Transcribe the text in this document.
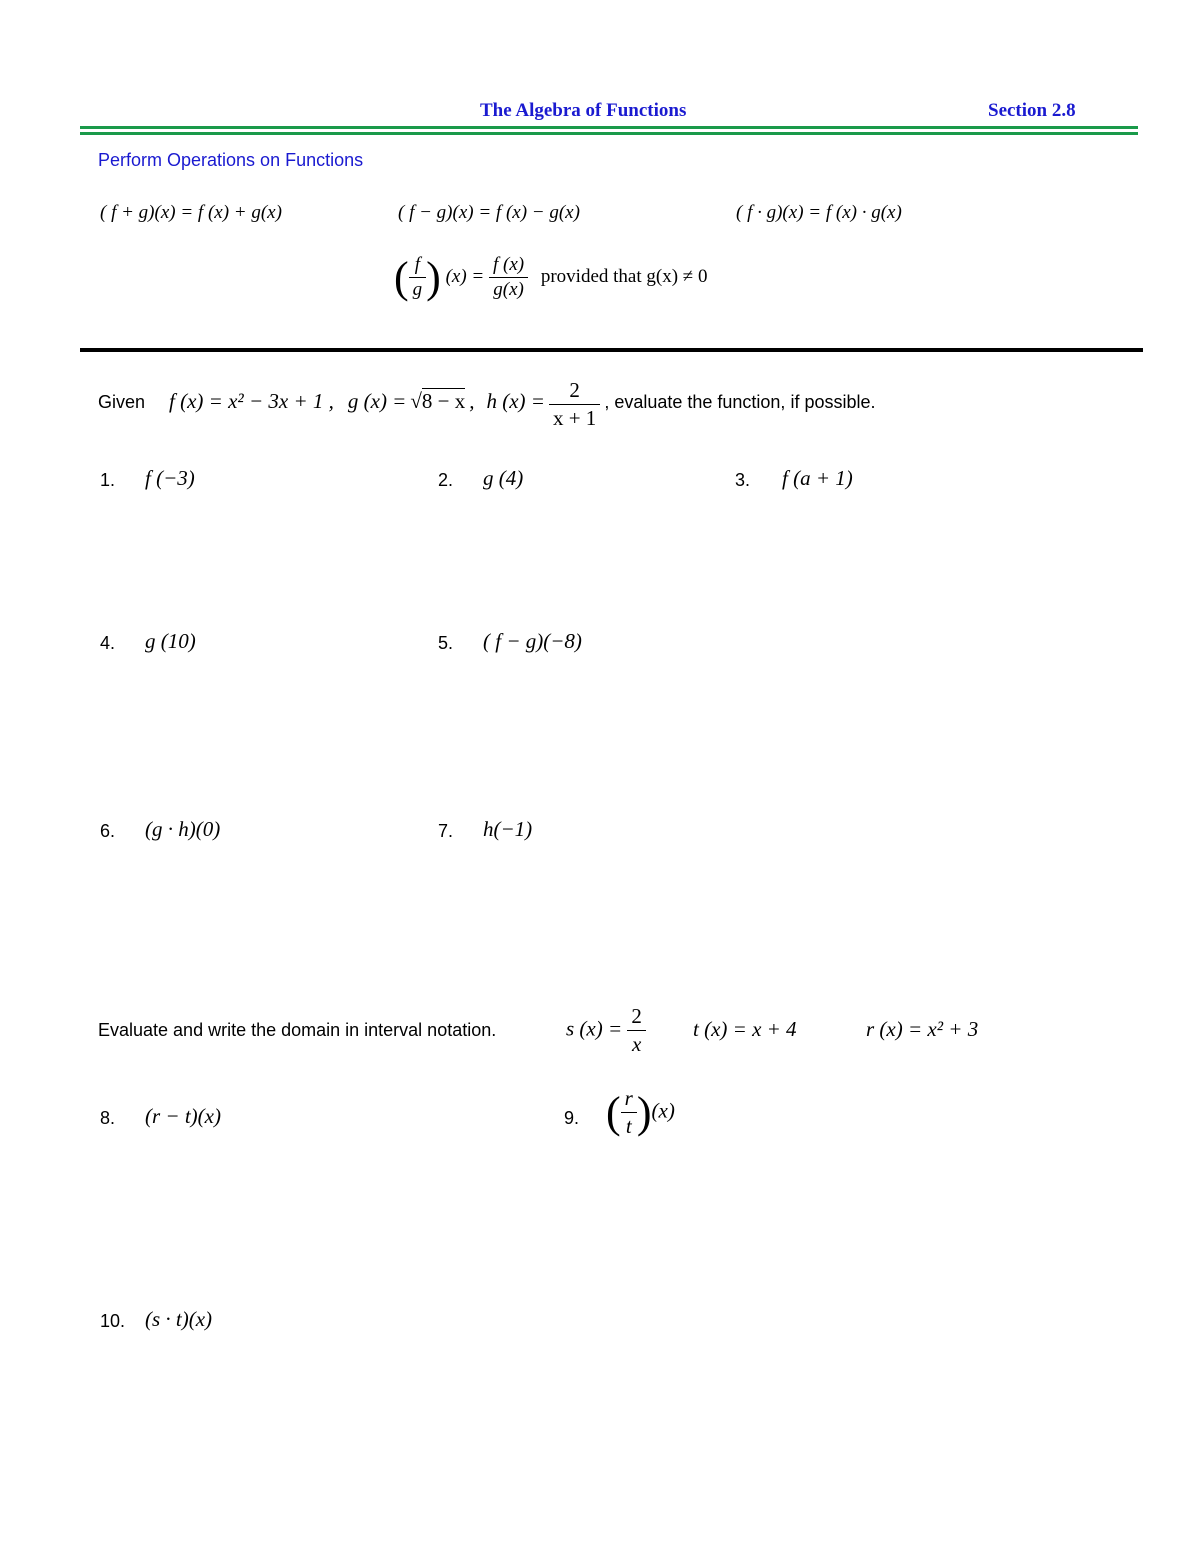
The Algebra of Functions	Section 2.8
Perform Operations on Functions
( f + g)(x) = f (x) + g(x)	( f − g)(x) = f (x) − g(x)	( f · g)(x) = f (x) · g(x)
( $\frac{f}{g}$ ) $(x) = \frac{f (x)}{g(x)}$ provided that g(x) ≠ 0
Given f (x) = x² − 3x + 1 , g (x) = √8 − x , h $(x) = \frac{2}{x + 1}$ , evaluate the function, if possible.
1. f (−3)	2. g (4)	3. f (a + 1)
4. g (10)	5. ( f − g)(−8)
6. (g · h)(0)	7. h(−1)
Evaluate and write the domain in interval notation.	s $(x) = \frac{2}{x}$ t (x) = x + 4	r (x) = x² + 3
8. (r − t)(x)	9. ( $\frac{r}{t} )(x)$
10. (s · t)(x)
